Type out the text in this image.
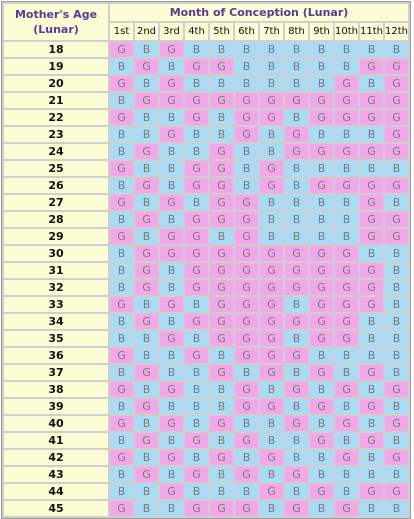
Mother's Age (Lunar)	Month of Conception (Lunar)											
	1st	2nd	3rd	4th	5th	6th	7th	8th	9th	10th	11th	12th
18	G	B	G	B	B	B	B	B	B	B	B	B
19	B	G	B	G	G	B	B	B	B	B	G	G
20	G	B	G	B	B	B	B	B	B	G	B	G
21	B	G	G	G	G	G	G	G	G	G	G	G
22	G	B	B	G	B	G	G	B	G	G	G	G
23	B	B	G	B	B	G	B	G	B	B	B	G
24	B	G	B	B	G	B	B	G	G	G	G	G
25	G	B	B	G	G	B	G	B	B	B	B	B
26	B	G	B	G	G	B	G	B	G	G	G	G
27	G	B	G	B	G	G	B	B	B	B	G	B
28	B	G	B	G	G	G	B	B	B	B	G	G
29	G	B	G	G	B	G	B	B	B	B	G	G
30	B	G	G	G	G	G	G	G	G	G	B	B
31	B	G	B	G	G	G	G	G	G	G	G	B
32	B	G	B	G	G	G	G	G	G	G	G	B
33	G	B	G	B	G	G	G	B	G	G	G	B
34	B	G	B	G	G	G	G	G	G	G	B	B
35	B	B	G	B	G	G	G	B	G	G	B	B
36	G	B	B	G	B	G	G	G	B	B	B	B
37	B	G	B	B	G	B	G	B	G	B	G	B
38	G	B	G	B	B	G	B	G	B	G	B	G
39	B	G	B	B	B	G	G	B	G	B	G	B
40	G	B	G	B	G	B	B	G	B	G	B	G
41	B	G	B	G	B	G	B	B	G	B	G	B
42	G	B	G	B	G	B	G	B	B	G	B	G
43	B	G	B	G	B	G	B	G	B	B	B	B
44	B	B	G	B	B	B	G	B	G	B	G	G
45	G	B	B	G	G	G	B	G	B	G	B	B
